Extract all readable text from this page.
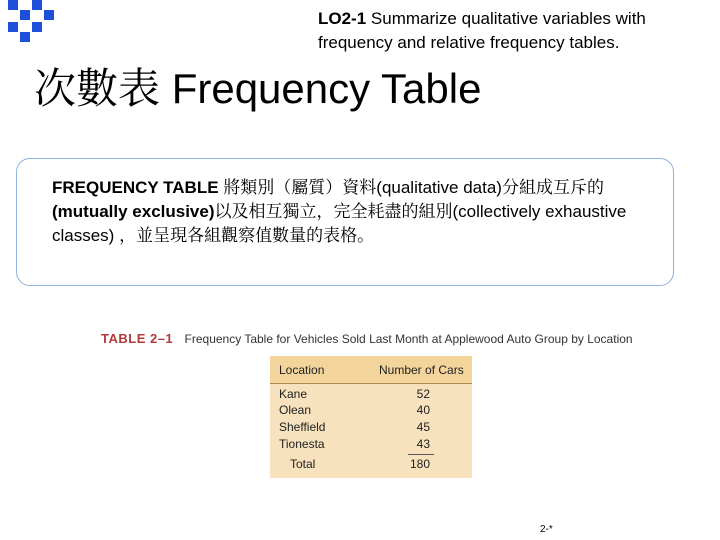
LO2-1 Summarize qualitative variables with frequency and relative frequency tables.
次數表 Frequency Table
FREQUENCY TABLE 將類別（屬質）資料(qualitative data)分組成互斥的(mutually exclusive)以及相互獨立，完全耗盡的組別(collectively exhaustive classes) ，並呈現各組觀察值數量的表格。
TABLE 2–1 Frequency Table for Vehicles Sold Last Month at Applewood Auto Group by Location
Location	Number of Cars
Kane	52
Olean	40
Sheffield	45
Tionesta	43
Total	180
2-*
